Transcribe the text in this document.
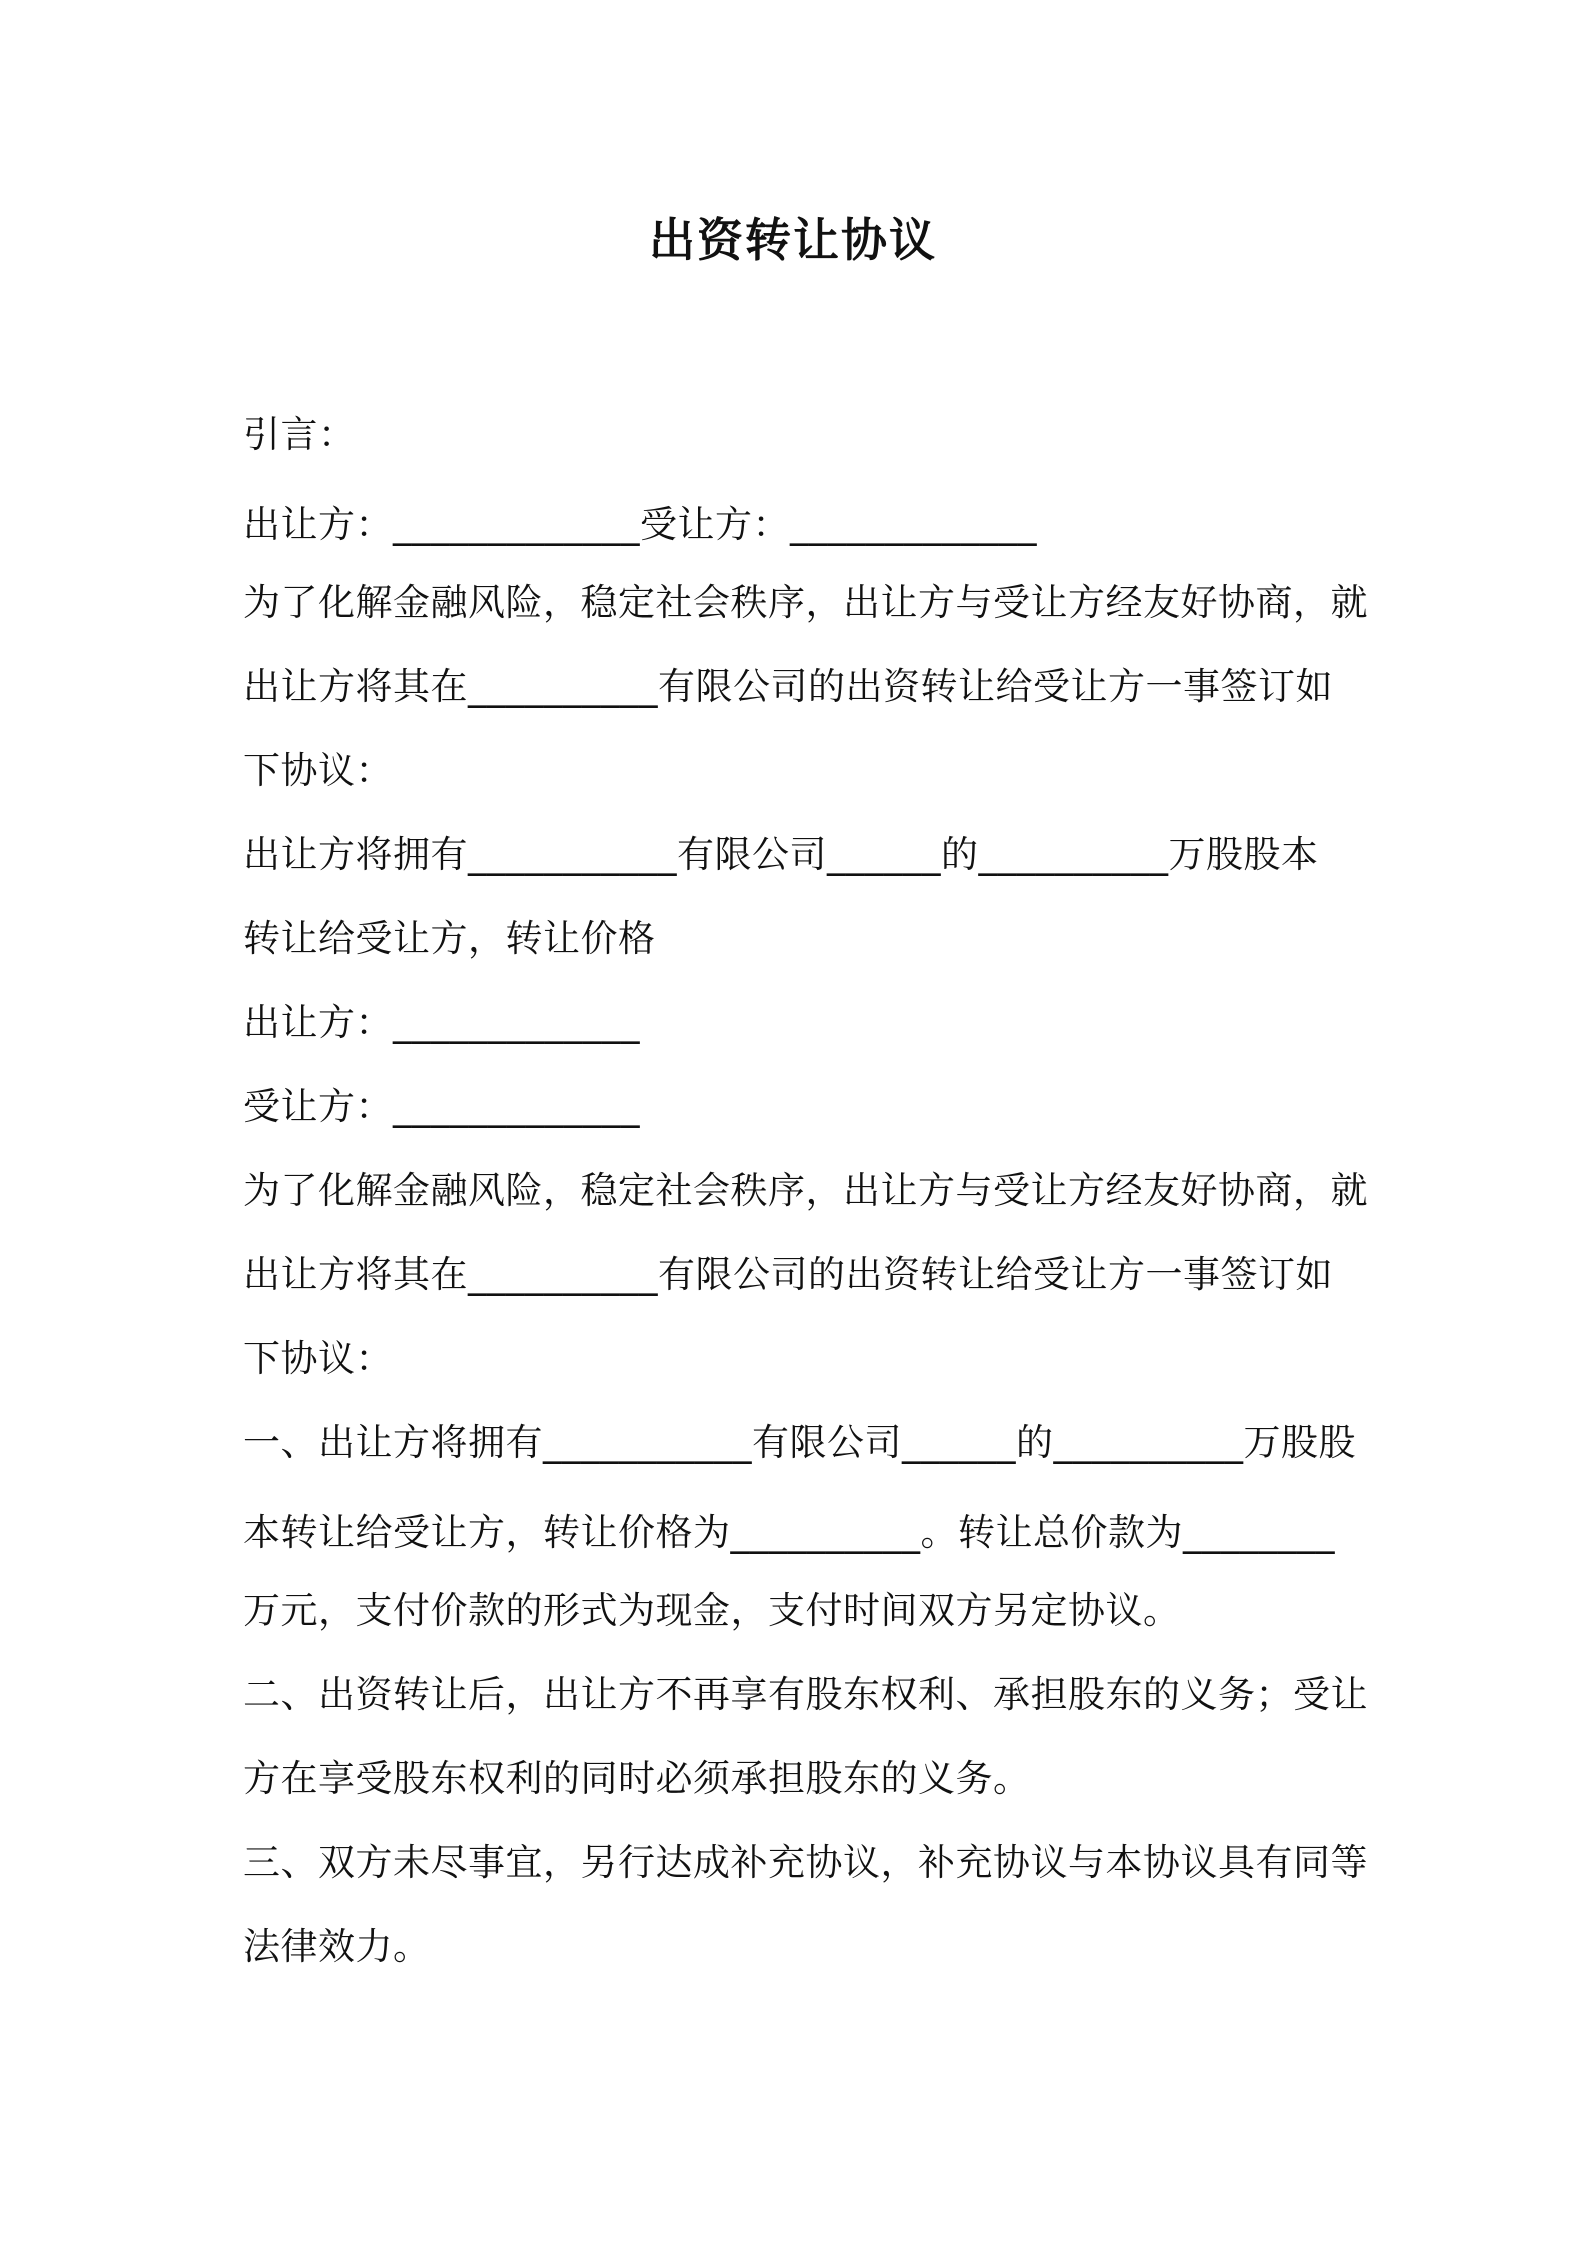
出资转让协议
引言：
出让方：_____________受让方：_____________
为了化解金融风险，稳定社会秩序，出让方与受让方经友好协商，就
出让方将其在__________有限公司的出资转让给受让方一事签订如
下协议：
出让方将拥有___________有限公司______的__________万股股本
转让给受让方，转让价格
出让方：_____________
受让方：_____________
为了化解金融风险，稳定社会秩序，出让方与受让方经友好协商，就
出让方将其在__________有限公司的出资转让给受让方一事签订如
下协议：
一、出让方将拥有___________有限公司______的__________万股股
本转让给受让方，转让价格为__________。转让总价款为________
万元，支付价款的形式为现金，支付时间双方另定协议。
二、出资转让后，出让方不再享有股东权利、承担股东的义务；受让
方在享受股东权利的同时必须承担股东的义务。
三、双方未尽事宜，另行达成补充协议，补充协议与本协议具有同等
法律效力。
